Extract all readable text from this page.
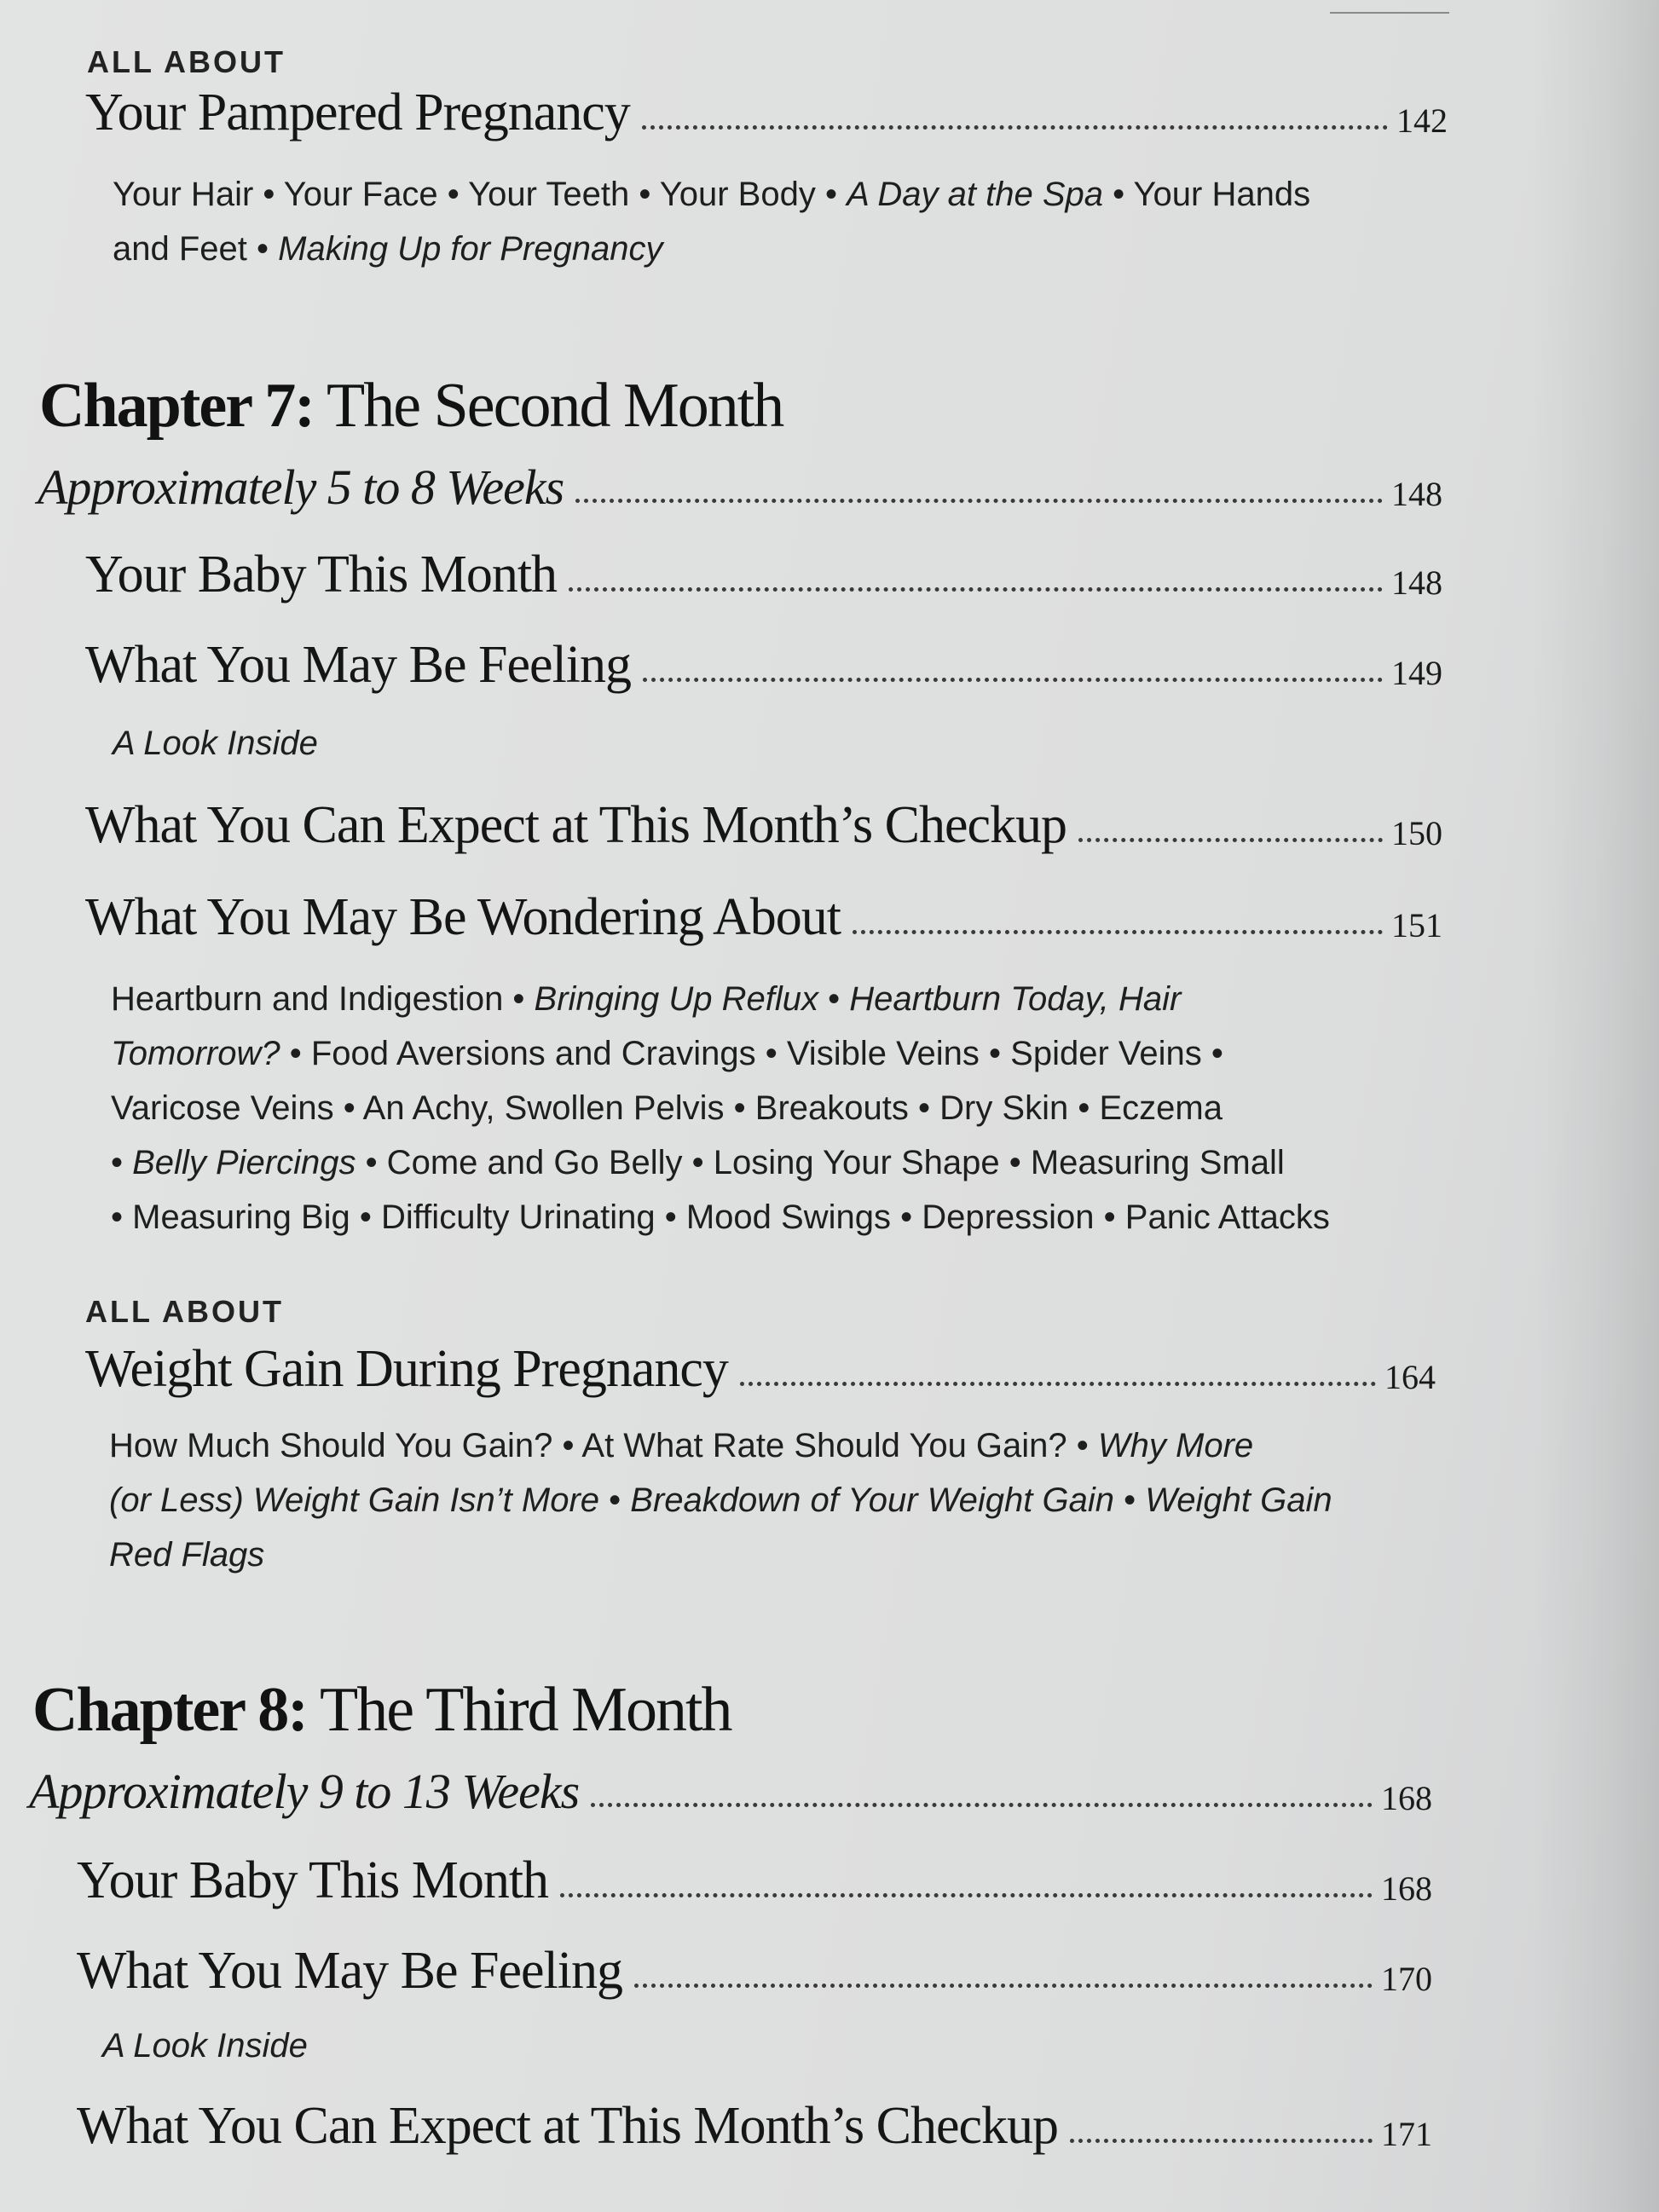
ALL ABOUT
Your Pampered Pregnancy	142
Your Hair • Your Face • Your Teeth • Your Body • A Day at the Spa • Your Hands
and Feet • Making Up for Pregnancy
Chapter 7: The Second Month
Approximately 5 to 8 Weeks	148
Your Baby This Month	148
What You May Be Feeling	149
A Look Inside
What You Can Expect at This Month’s Checkup	150
What You May Be Wondering About	151
Heartburn and Indigestion • Bringing Up Reflux • Heartburn Today, Hair
Tomorrow? • Food Aversions and Cravings • Visible Veins • Spider Veins •
Varicose Veins • An Achy, Swollen Pelvis • Breakouts • Dry Skin • Eczema
• Belly Piercings • Come and Go Belly • Losing Your Shape • Measuring Small
• Measuring Big • Difficulty Urinating • Mood Swings • Depression • Panic Attacks
ALL ABOUT
Weight Gain During Pregnancy	164
How Much Should You Gain? • At What Rate Should You Gain? • Why More
(or Less) Weight Gain Isn’t More • Breakdown of Your Weight Gain • Weight Gain
Red Flags
Chapter 8: The Third Month
Approximately 9 to 13 Weeks	168
Your Baby This Month	168
What You May Be Feeling	170
A Look Inside
What You Can Expect at This Month’s Checkup	171
